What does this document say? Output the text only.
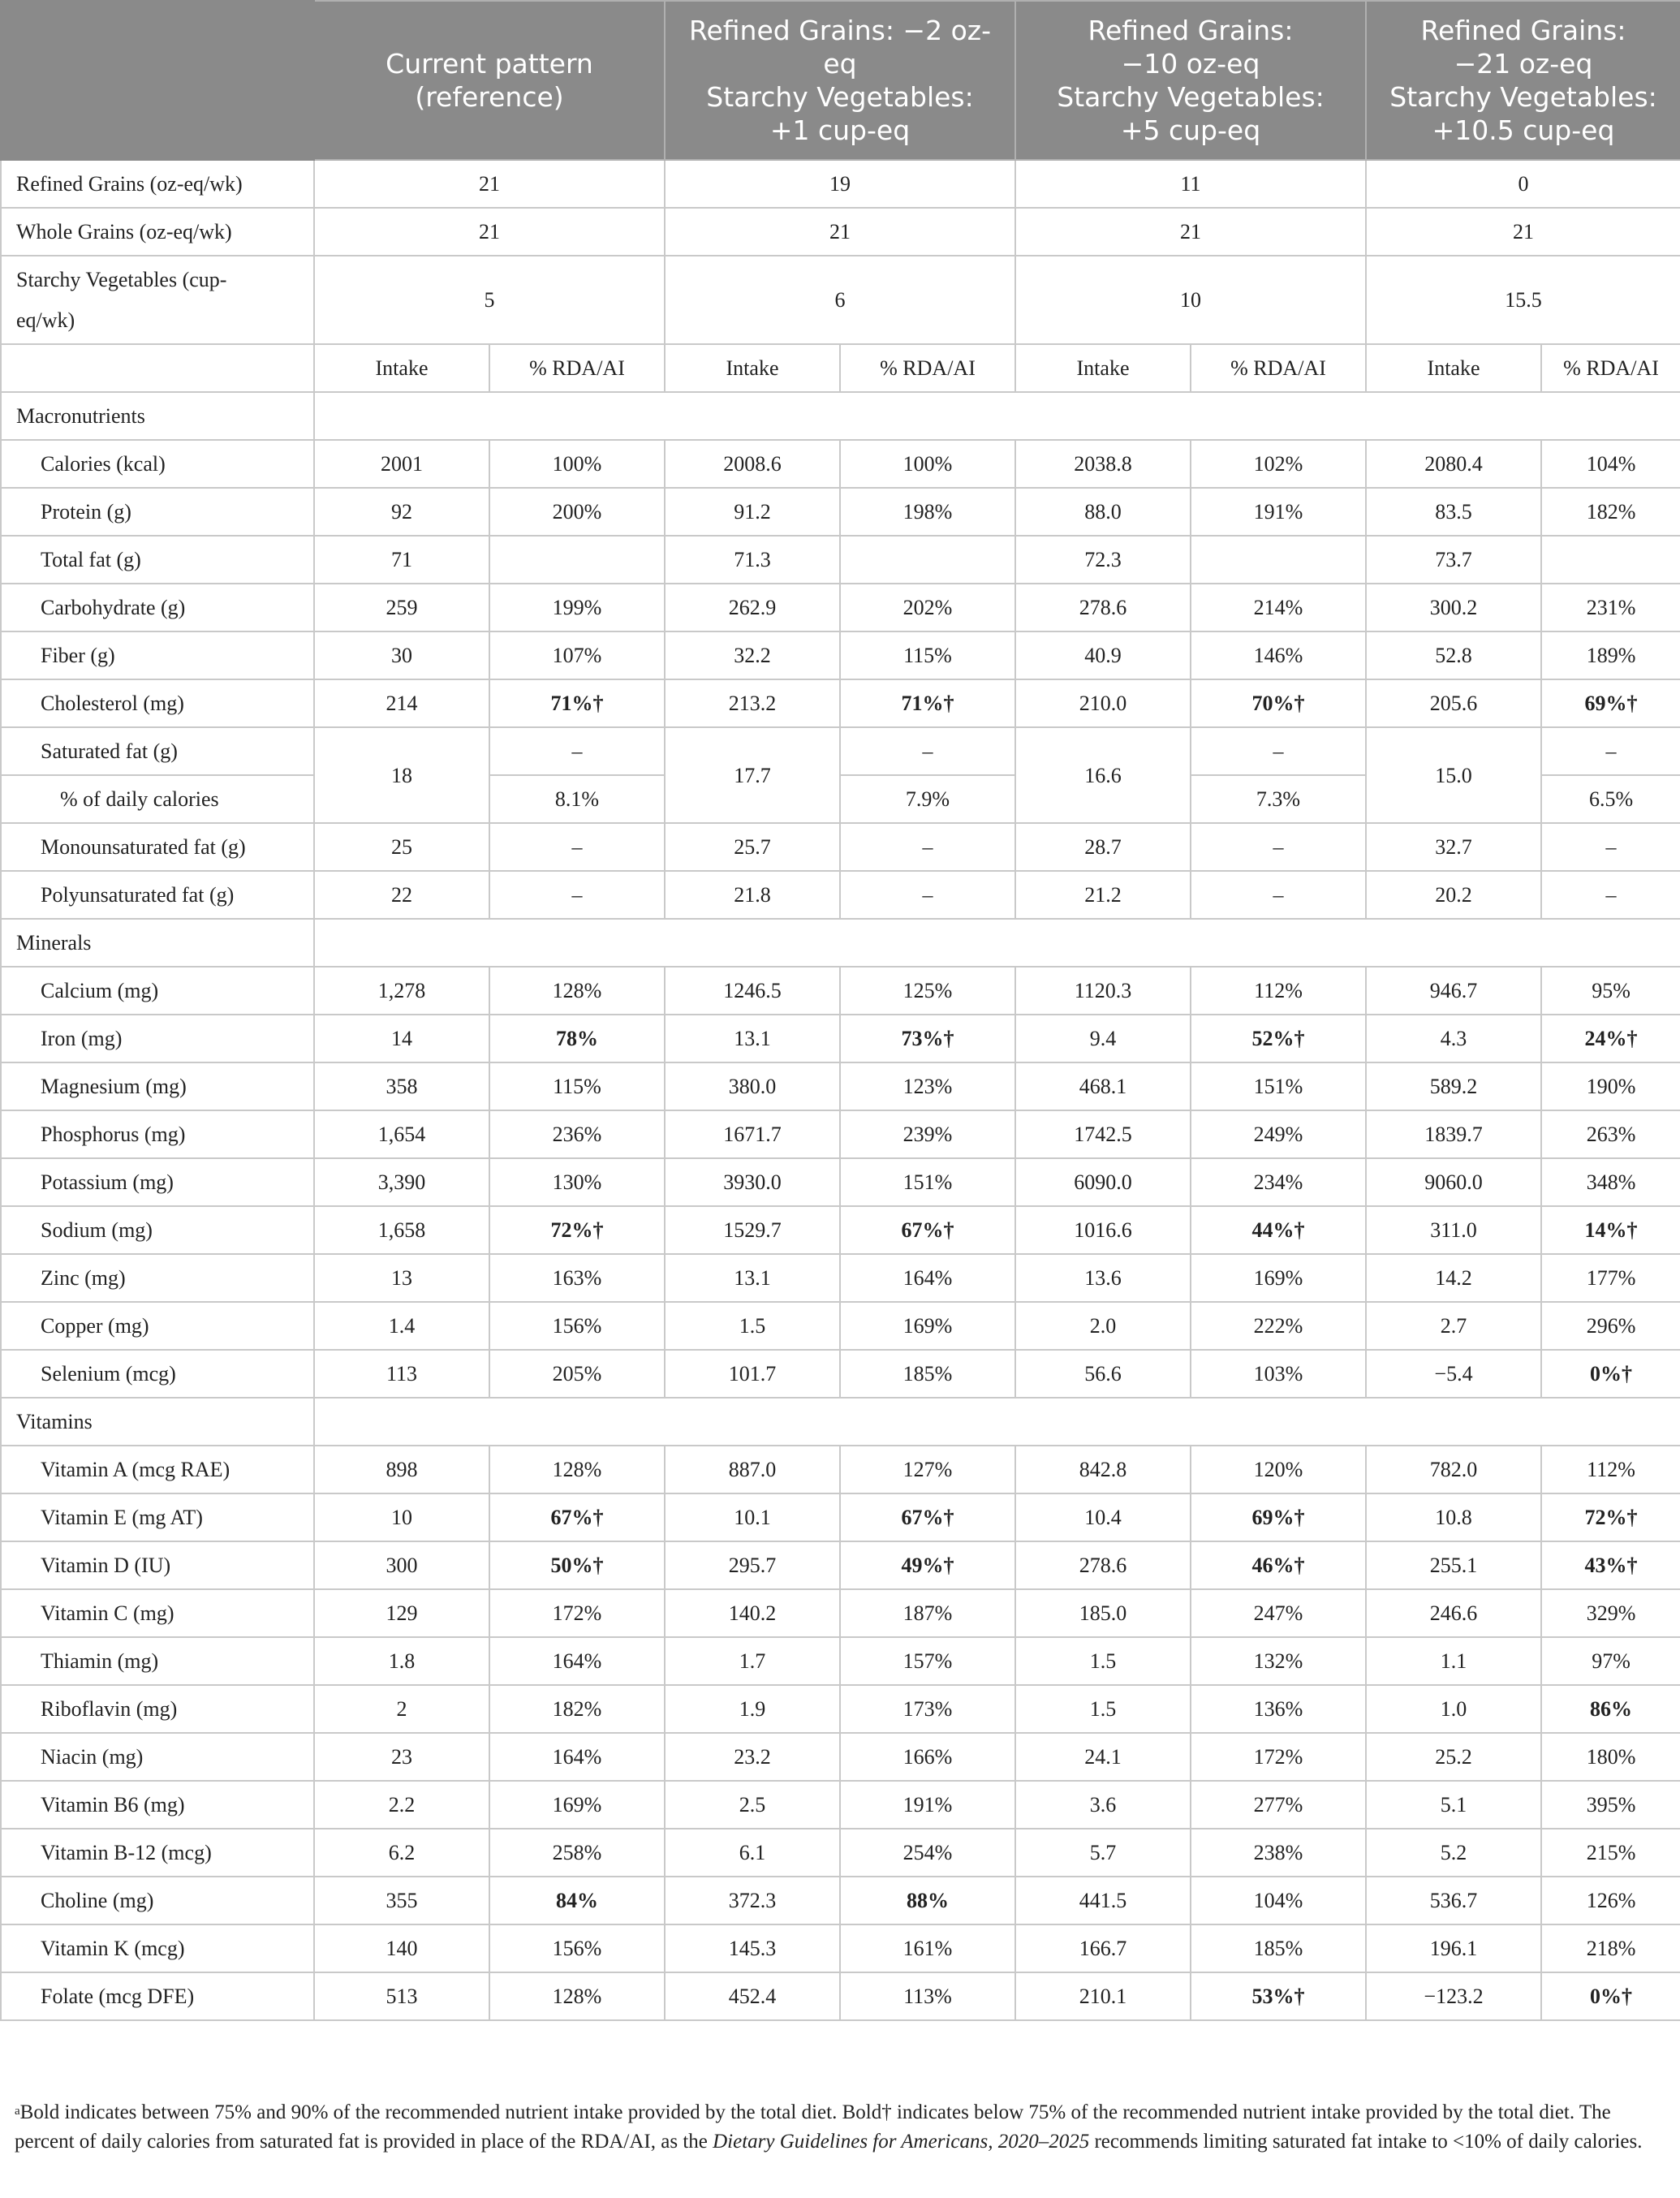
	Current pattern
(reference)		Refined Grains: −2 oz-
eq
Starchy Vegetables:
+1 cup-eq		Refined Grains:
−10 oz-eq
Starchy Vegetables:
+5 cup-eq		Refined Grains:
−21 oz-eq
Starchy Vegetables:
+10.5 cup-eq	
Refined Grains (oz-eq/wk)	21		19		11		0	
Whole Grains (oz-eq/wk)	21		21		21		21	

Starchy Vegetables (cup-eq/wk)	5		6		10		15.5	
	Intake	% RDA/AI	Intake	% RDA/AI	Intake	% RDA/AI	Intake	% RDA/AI
Macronutrients								
Calories (kcal)	2001	100%	2008.6	100%	2038.8	102%	2080.4	104%
Protein (g)	92	200%	91.2	198%	88.0	191%	83.5	182%
Total fat (g)	71		71.3		72.3		73.7	
Carbohydrate (g)	259	199%	262.9	202%	278.6	214%	300.2	231%
Fiber (g)	30	107%	32.2	115%	40.9	146%	52.8	189%
Cholesterol (mg)	214	71%†	213.2	71%†	210.0	70%†	205.6	69%†
Saturated fat (g)	18	–	17.7	–	16.6	–	15.0	–
% of daily calories		8.1%		7.9%		7.3%		6.5%
Monounsaturated fat (g)	25	–	25.7	–	28.7	–	32.7	–
Polyunsaturated fat (g)	22	–	21.8	–	21.2	–	20.2	–
Minerals								
Calcium (mg)	1,278	128%	1246.5	125%	1120.3	112%	946.7	95%
Iron (mg)	14	78%	13.1	73%†	9.4	52%†	4.3	24%†
Magnesium (mg)	358	115%	380.0	123%	468.1	151%	589.2	190%
Phosphorus (mg)	1,654	236%	1671.7	239%	1742.5	249%	1839.7	263%
Potassium (mg)	3,390	130%	3930.0	151%	6090.0	234%	9060.0	348%
Sodium (mg)	1,658	72%†	1529.7	67%†	1016.6	44%†	311.0	14%†
Zinc (mg)	13	163%	13.1	164%	13.6	169%	14.2	177%
Copper (mg)	1.4	156%	1.5	169%	2.0	222%	2.7	296%
Selenium (mcg)	113	205%	101.7	185%	56.6	103%	−5.4	0%†
Vitamins								
Vitamin A (mcg RAE)	898	128%	887.0	127%	842.8	120%	782.0	112%
Vitamin E (mg AT)	10	67%†	10.1	67%†	10.4	69%†	10.8	72%†
Vitamin D (IU)	300	50%†	295.7	49%†	278.6	46%†	255.1	43%†
Vitamin C (mg)	129	172%	140.2	187%	185.0	247%	246.6	329%
Thiamin (mg)	1.8	164%	1.7	157%	1.5	132%	1.1	97%
Riboflavin (mg)	2	182%	1.9	173%	1.5	136%	1.0	86%
Niacin (mg)	23	164%	23.2	166%	24.1	172%	25.2	180%
Vitamin B6 (mg)	2.2	169%	2.5	191%	3.6	277%	5.1	395%
Vitamin B-12 (mcg)	6.2	258%	6.1	254%	5.7	238%	5.2	215%
Choline (mg)	355	84%	372.3	88%	441.5	104%	536.7	126%
Vitamin K (mcg)	140	156%	145.3	161%	166.7	185%	196.1	218%
Folate (mcg DFE)	513	128%	452.4	113%	210.1	53%†	−123.2	0%†
$^a$Bold indicates between 75% and 90% of the recommended nutrient intake provided by the total diet. Bold† indicates below 75% of the recommended nutrient intake provided by the total diet. The percent of daily calories from saturated fat is provided in place of the RDA/AI, as the Dietary Guidelines for Americans, 2020–2025 recommends limiting saturated fat intake to <10% of daily calories.
